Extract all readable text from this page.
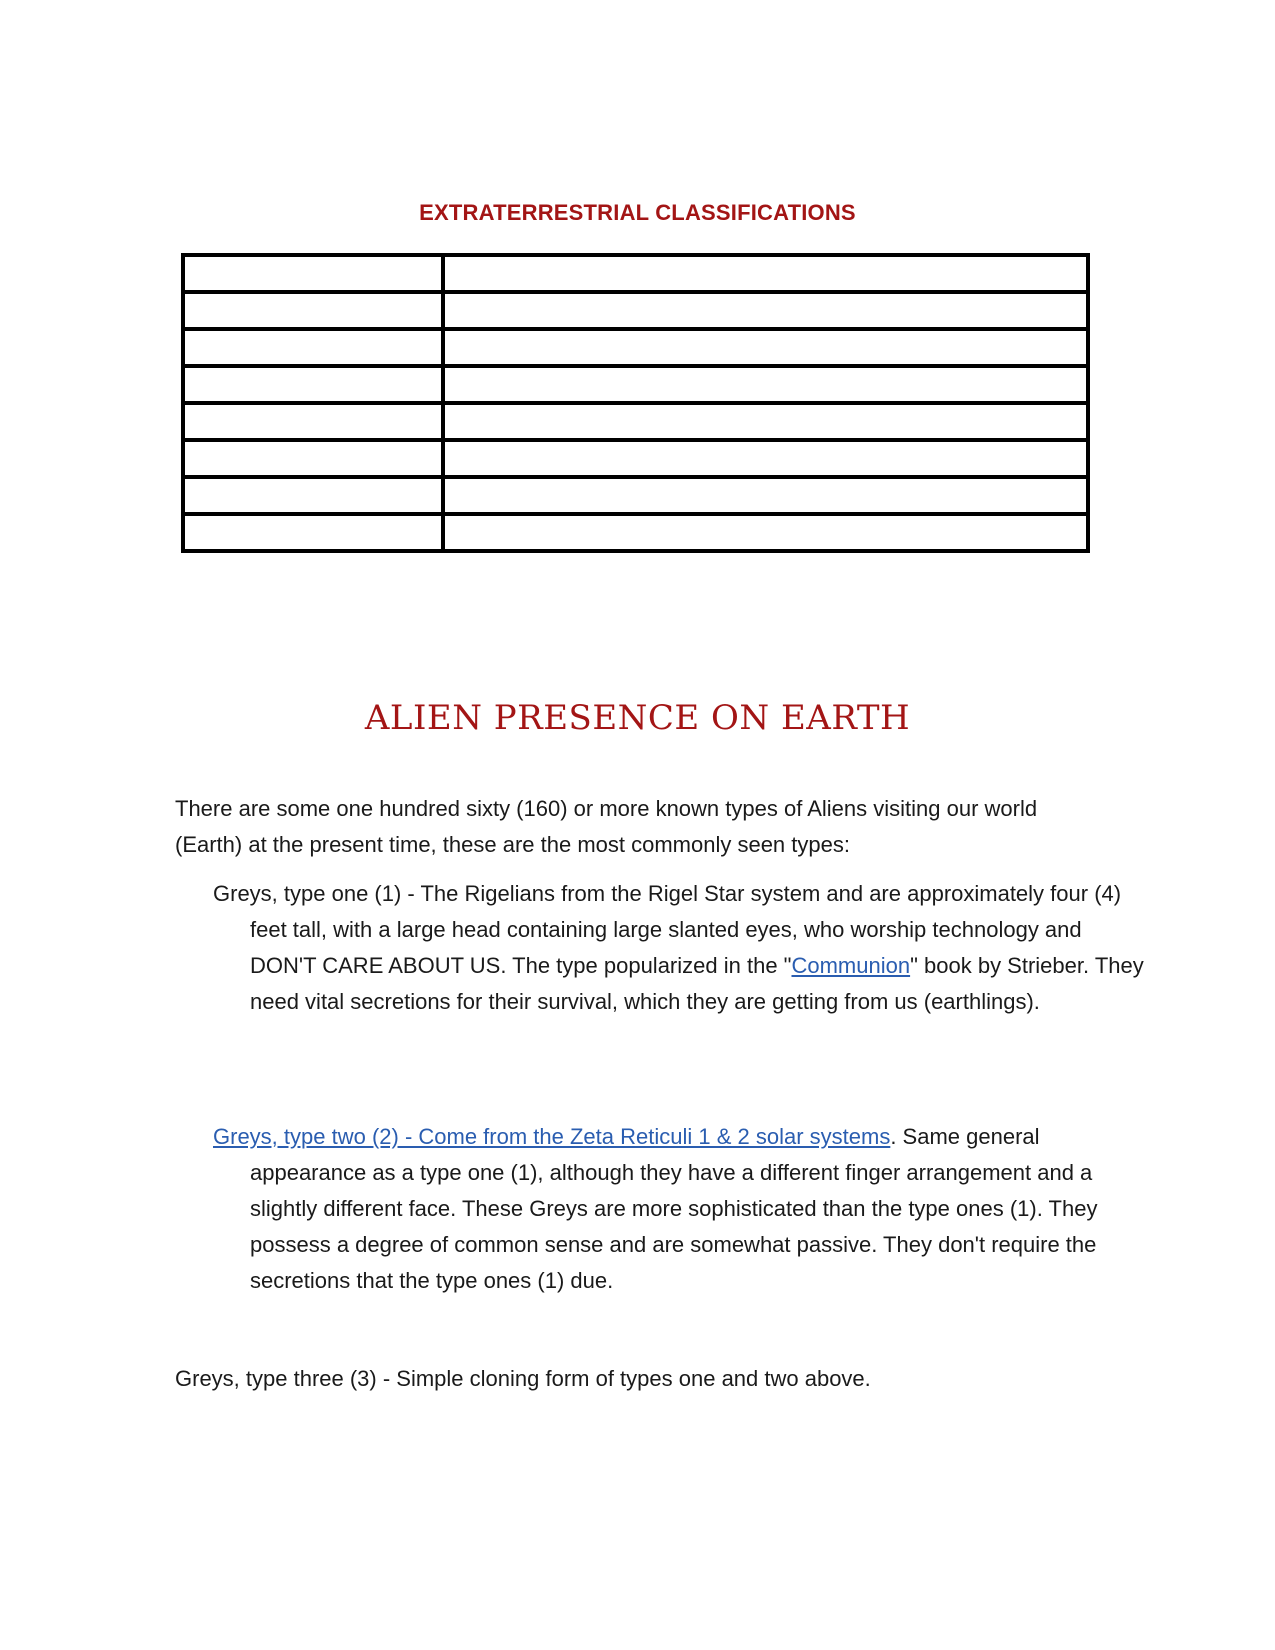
EXTRATERRESTRIAL CLASSIFICATIONS

ALIEN PRESENCE ON EARTH

There are some one hundred sixty (160) or more known types of Aliens visiting our world (Earth) at the present time, these are the most commonly seen types:

Greys, type one (1) - The Rigelians from the Rigel Star system and are approximately four (4) feet tall, with a large head containing large slanted eyes, who worship technology and DON'T CARE ABOUT US. The type popularized in the "Communion" book by Strieber. They need vital secretions for their survival, which they are getting from us (earthlings).

Greys, type two (2) - Come from the Zeta Reticuli 1 & 2 solar systems. Same general appearance as a type one (1), although they have a different finger arrangement and a slightly different face. These Greys are more sophisticated than the type ones (1). They possess a degree of common sense and are somewhat passive. They don't require the secretions that the type ones (1) due.

Greys, type three (3) - Simple cloning form of types one and two above.
